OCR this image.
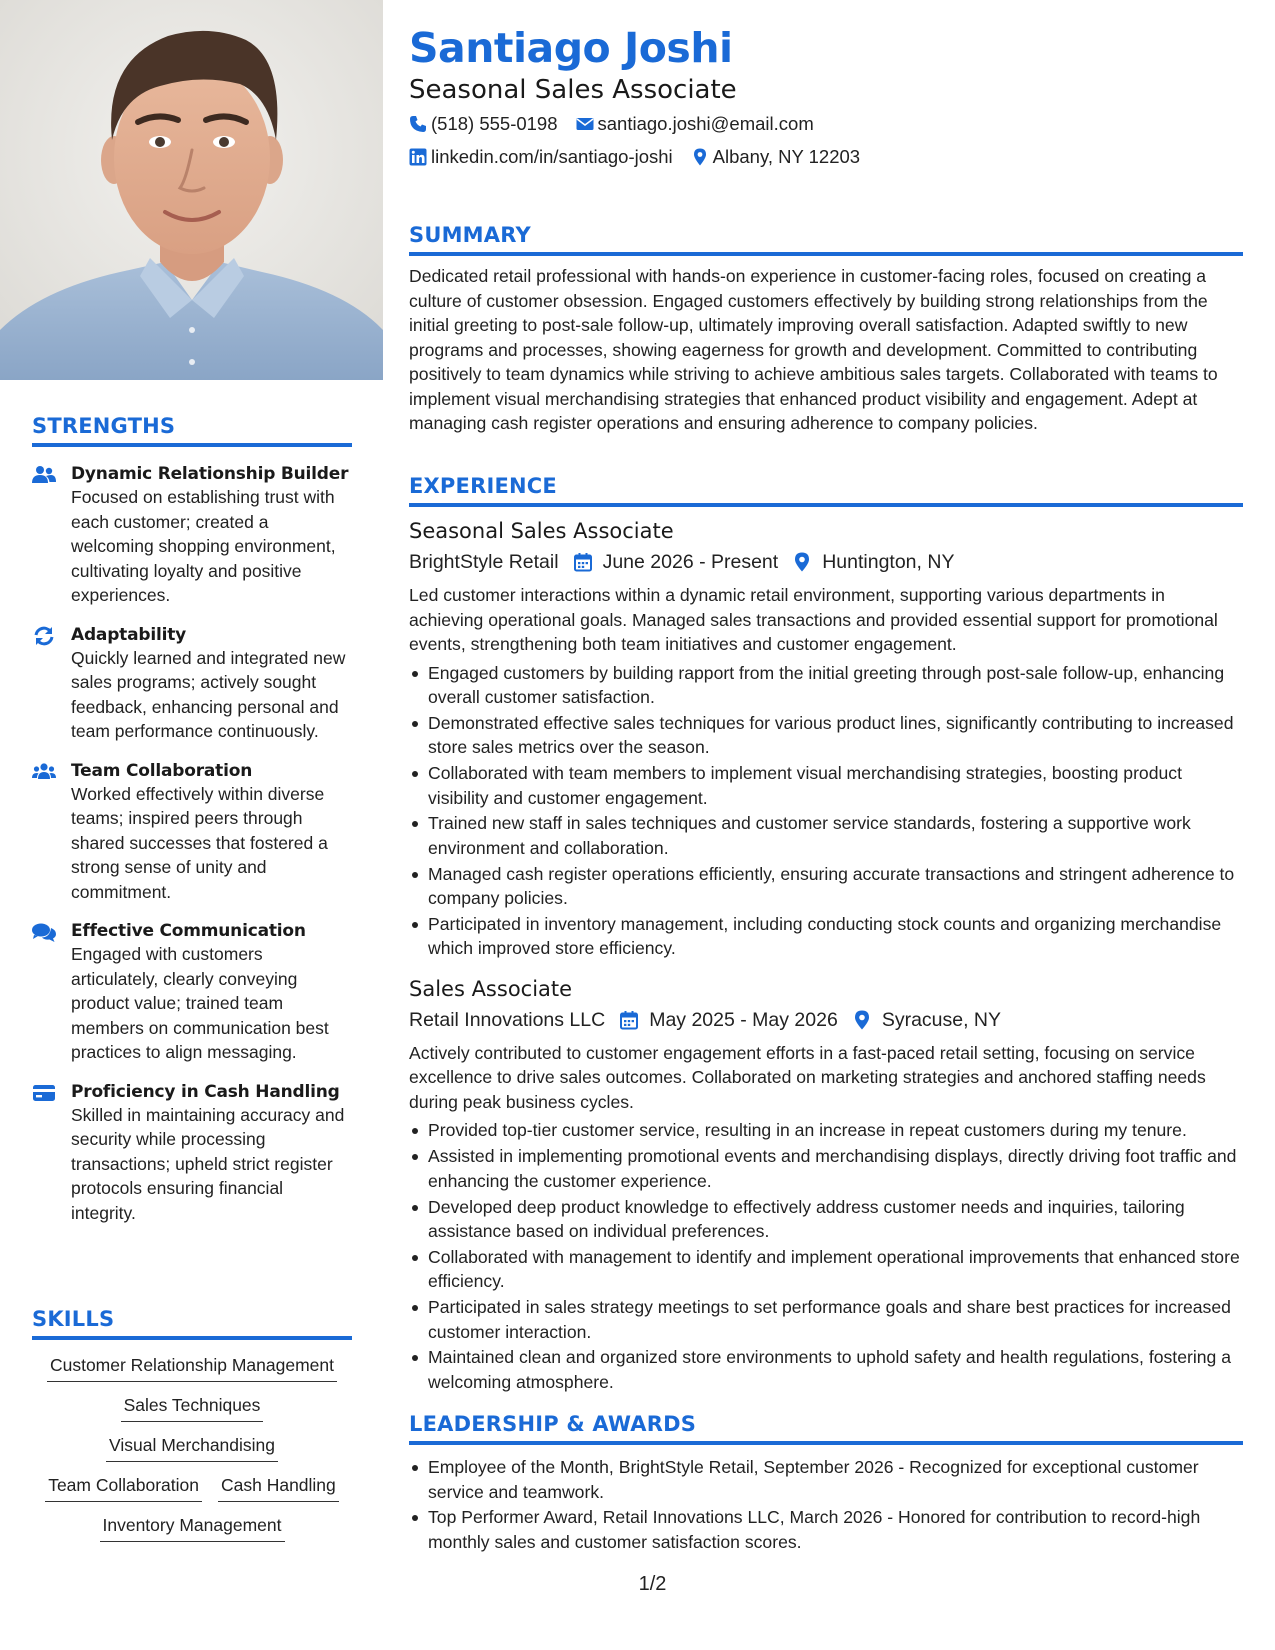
STRENGTHS
Dynamic Relationship Builder
Focused on establishing trust with each customer; created a welcoming shopping environment, cultivating loyalty and positive experiences.
Adaptability
Quickly learned and integrated new sales programs; actively sought feedback, enhancing personal and team performance continuously.
Team Collaboration
Worked effectively within diverse teams; inspired peers through shared successes that fostered a strong sense of unity and commitment.
Effective Communication
Engaged with customers articulately, clearly conveying product value; trained team members on communication best practices to align messaging.
Proficiency in Cash Handling
Skilled in maintaining accuracy and security while processing transactions; upheld strict register protocols ensuring financial integrity.
SKILLS
Customer Relationship Management
Sales Techniques
Visual Merchandising
Team Collaboration Cash Handling
Inventory Management
Santiago Joshi
Seasonal Sales Associate
(518) 555-0198 santiago.joshi@email.com
linkedin.com/in/santiago-joshi Albany, NY 12203
SUMMARY
Dedicated retail professional with hands-on experience in customer-facing roles, focused on creating a culture of customer obsession. Engaged customers effectively by building strong relationships from the initial greeting to post-sale follow-up, ultimately improving overall satisfaction. Adapted swiftly to new programs and processes, showing eagerness for growth and development. Committed to contributing positively to team dynamics while striving to achieve ambitious sales targets. Collaborated with teams to implement visual merchandising strategies that enhanced product visibility and engagement. Adept at managing cash register operations and ensuring adherence to company policies.
EXPERIENCE
Seasonal Sales Associate
BrightStyle Retail June 2026 - Present Huntington, NY
Led customer interactions within a dynamic retail environment, supporting various departments in achieving operational goals. Managed sales transactions and provided essential support for promotional events, strengthening both team initiatives and customer engagement.
Engaged customers by building rapport from the initial greeting through post-sale follow-up, enhancing overall customer satisfaction.
Demonstrated effective sales techniques for various product lines, significantly contributing to increased store sales metrics over the season.
Collaborated with team members to implement visual merchandising strategies, boosting product visibility and customer engagement.
Trained new staff in sales techniques and customer service standards, fostering a supportive work environment and collaboration.
Managed cash register operations efficiently, ensuring accurate transactions and stringent adherence to company policies.
Participated in inventory management, including conducting stock counts and organizing merchandise which improved store efficiency.
Sales Associate
Retail Innovations LLC May 2025 - May 2026 Syracuse, NY
Actively contributed to customer engagement efforts in a fast-paced retail setting, focusing on service excellence to drive sales outcomes. Collaborated on marketing strategies and anchored staffing needs during peak business cycles.
Provided top-tier customer service, resulting in an increase in repeat customers during my tenure.
Assisted in implementing promotional events and merchandising displays, directly driving foot traffic and enhancing the customer experience.
Developed deep product knowledge to effectively address customer needs and inquiries, tailoring assistance based on individual preferences.
Collaborated with management to identify and implement operational improvements that enhanced store efficiency.
Participated in sales strategy meetings to set performance goals and share best practices for increased customer interaction.
Maintained clean and organized store environments to uphold safety and health regulations, fostering a welcoming atmosphere.
LEADERSHIP & AWARDS
Employee of the Month, BrightStyle Retail, September 2026 - Recognized for exceptional customer service and teamwork.
Top Performer Award, Retail Innovations LLC, March 2026 - Honored for contribution to record-high monthly sales and customer satisfaction scores.
1/2
